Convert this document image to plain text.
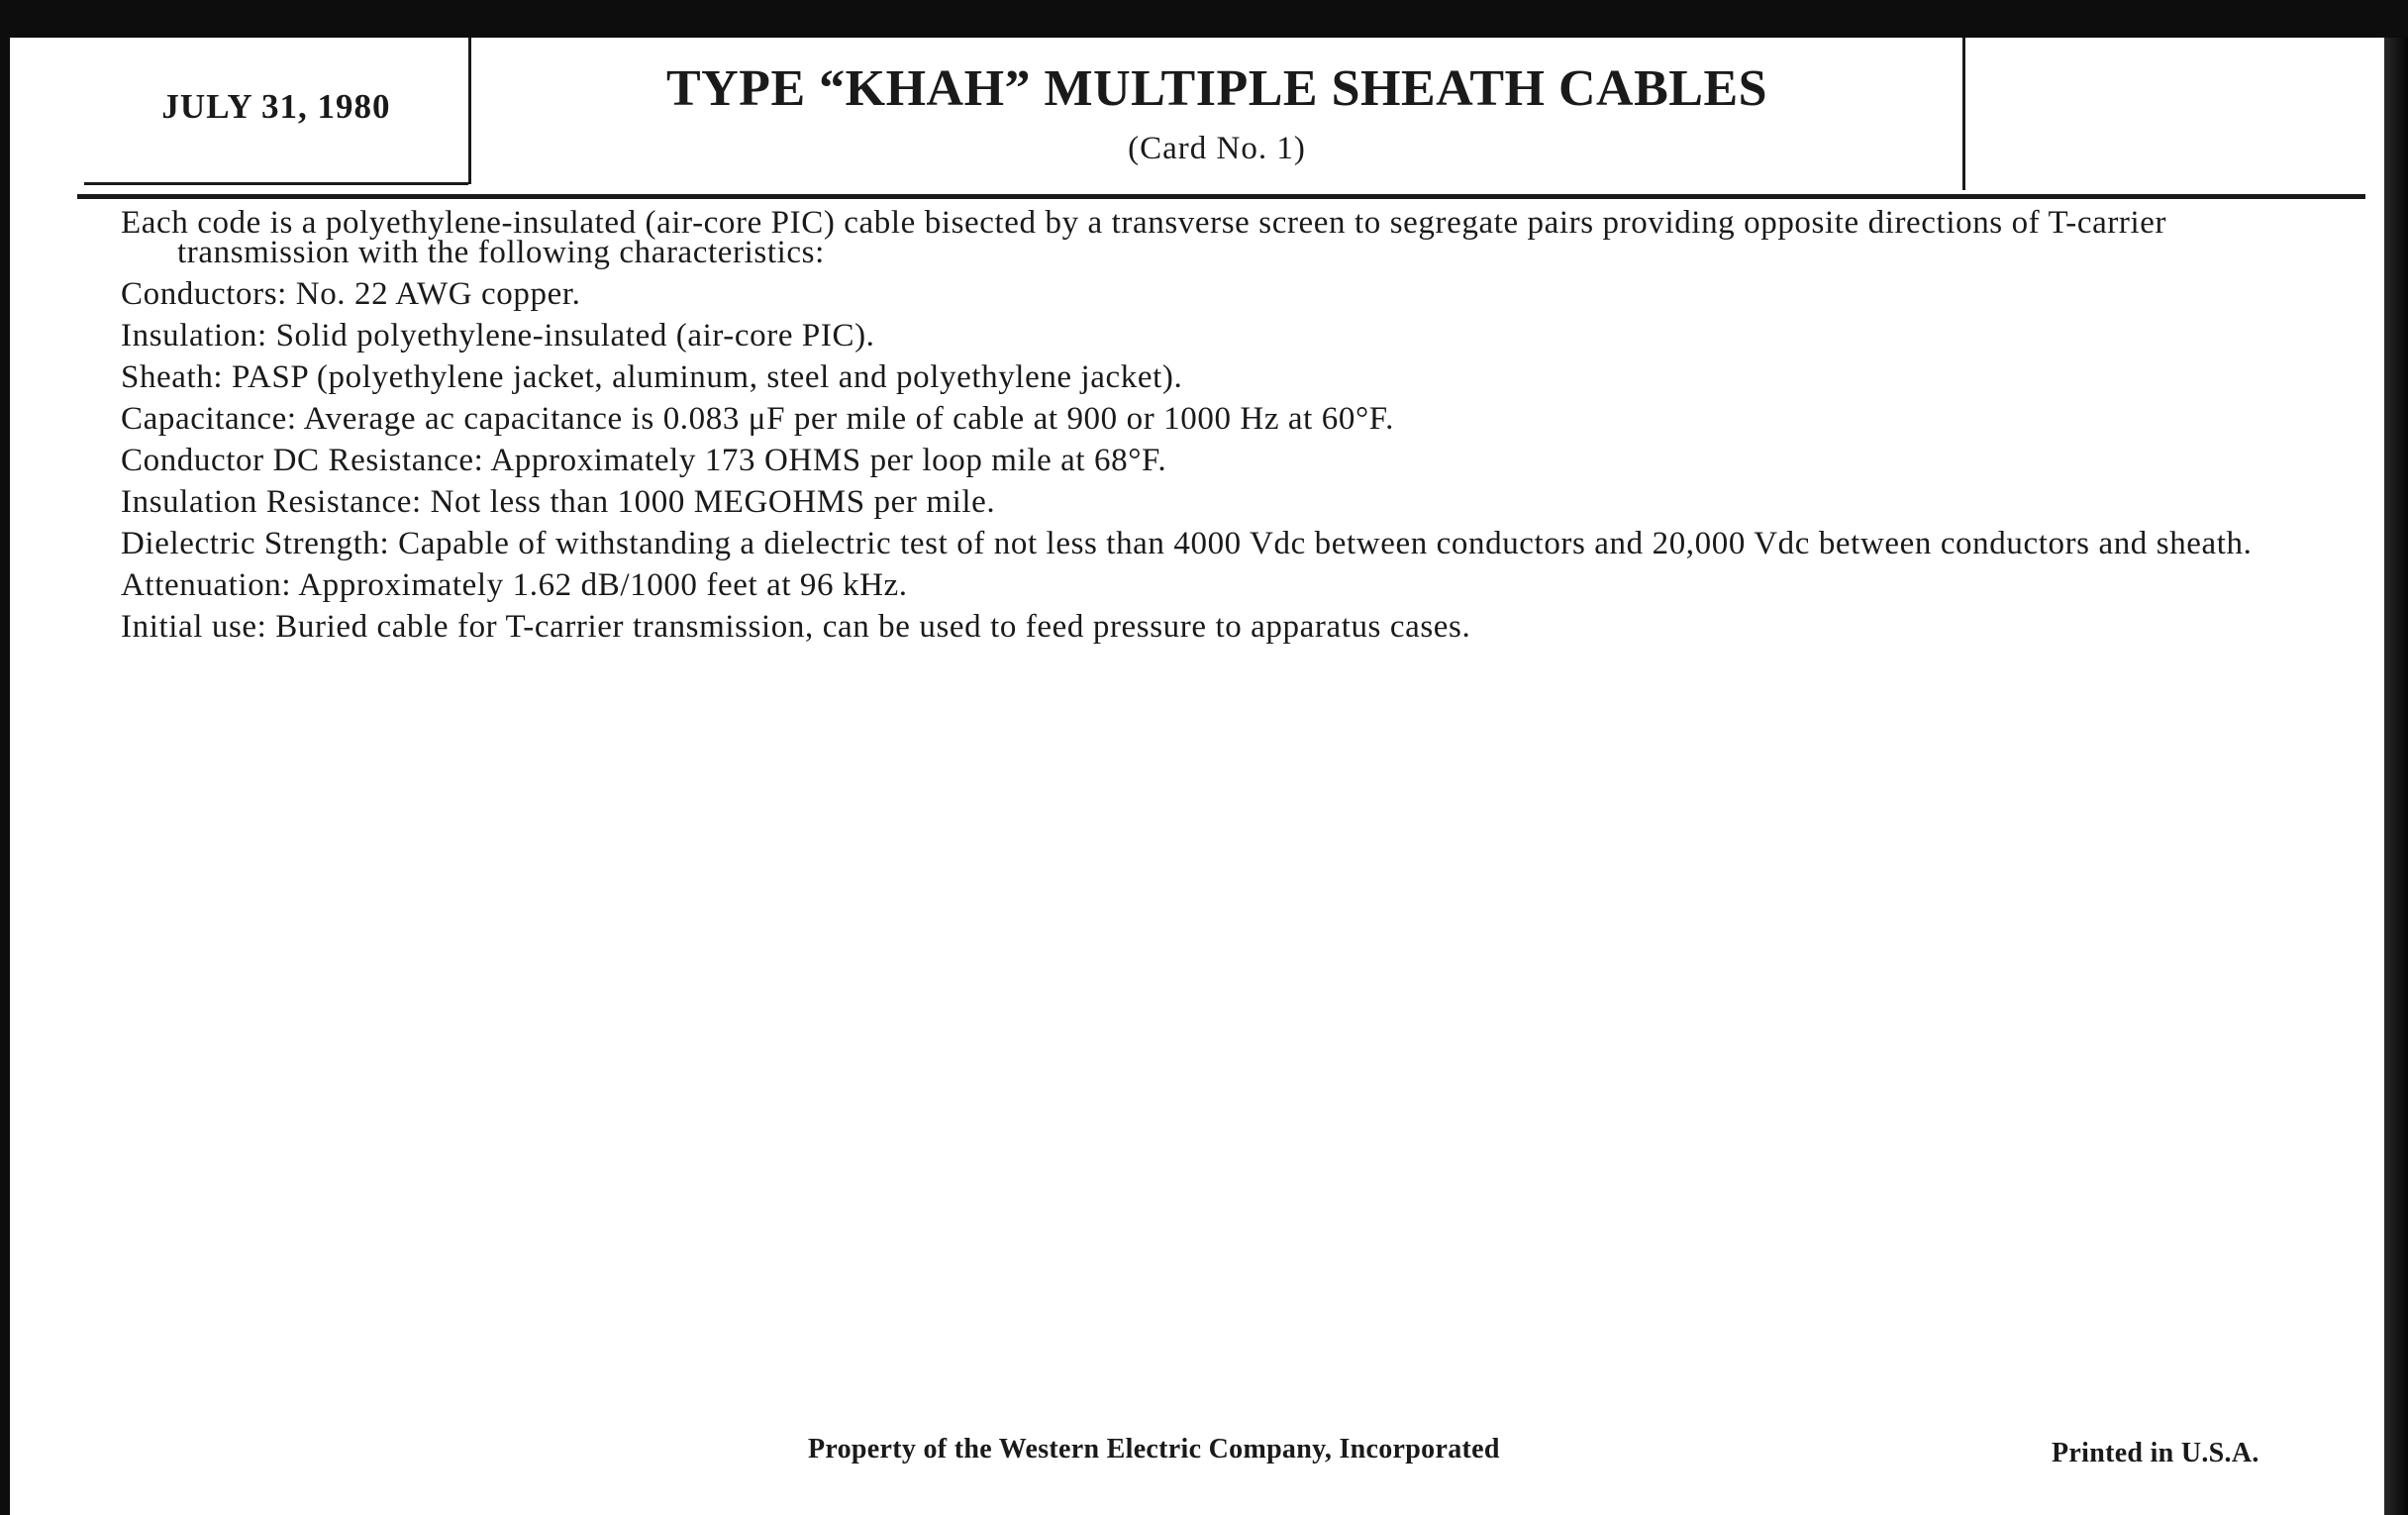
JULY 31, 1980	TYPE “KHAH” MULTIPLE SHEATH CABLES
(Card No. 1)

Each code is a polyethylene-insulated (air-core PIC) cable bisected by a transverse screen to segregate pairs providing opposite directions of T-carrier transmission with the following characteristics:

Conductors: No. 22 AWG copper.

Insulation: Solid polyethylene-insulated (air-core PIC).

Sheath: PASP (polyethylene jacket, aluminum, steel and polyethylene jacket).

Capacitance: Average ac capacitance is 0.083 μF per mile of cable at 900 or 1000 Hz at 60°F.

Conductor DC Resistance: Approximately 173 OHMS per loop mile at 68°F.

Insulation Resistance: Not less than 1000 MEGOHMS per mile.

Dielectric Strength: Capable of withstanding a dielectric test of not less than 4000 Vdc between conductors and 20,000 Vdc between conductors and sheath.

Attenuation: Approximately 1.62 dB/1000 feet at 96 kHz.

Initial use: Buried cable for T-carrier transmission, can be used to feed pressure to apparatus cases.

Property of the Western Electric Company, Incorporated	Printed in U.S.A.
